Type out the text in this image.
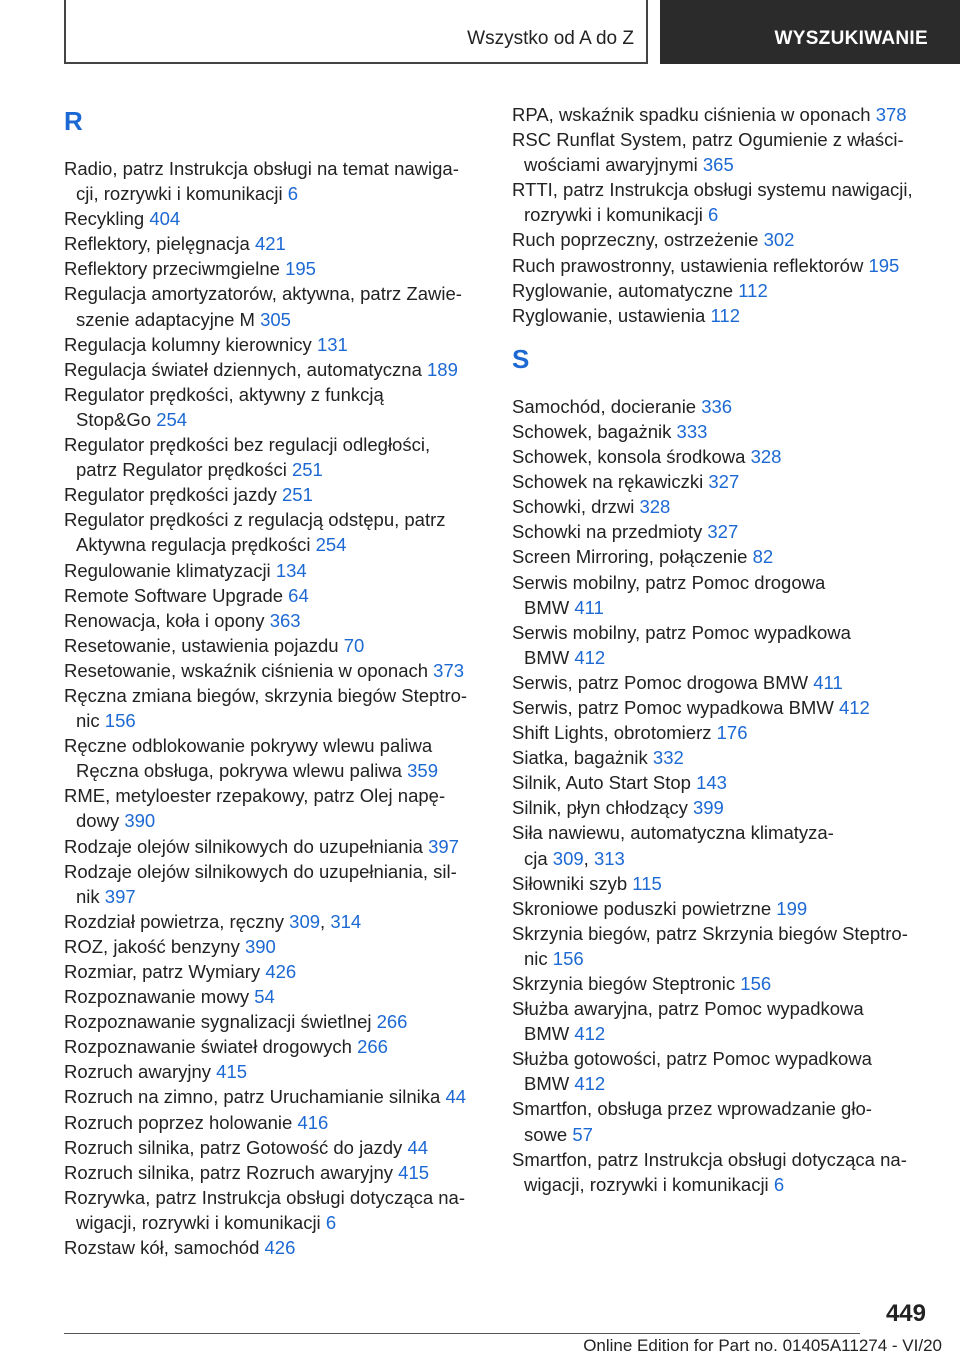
Wszystko od A do Z	WYSZUKIWANIE
R
Radio, patrz Instrukcja obsługi na temat nawiga-
cji, rozrywki i komunikacji 6
Recykling 404
Reflektory, pielęgnacja 421
Reflektory przeciwmgielne 195
Regulacja amortyzatorów, aktywna, patrz Zawie-
szenie adaptacyjne M 305
Regulacja kolumny kierownicy 131
Regulacja świateł dziennych, automatyczna 189
Regulator prędkości, aktywny z funkcją
Stop&Go 254
Regulator prędkości bez regulacji odległości,
patrz Regulator prędkości 251
Regulator prędkości jazdy 251
Regulator prędkości z regulacją odstępu, patrz
Aktywna regulacja prędkości 254
Regulowanie klimatyzacji 134
Remote Software Upgrade 64
Renowacja, koła i opony 363
Resetowanie, ustawienia pojazdu 70
Resetowanie, wskaźnik ciśnienia w oponach 373
Ręczna zmiana biegów, skrzynia biegów Steptro-
nic 156
Ręczne odblokowanie pokrywy wlewu paliwa
Ręczna obsługa, pokrywa wlewu paliwa 359
RME, metyloester rzepakowy, patrz Olej napę-
dowy 390
Rodzaje olejów silnikowych do uzupełniania 397
Rodzaje olejów silnikowych do uzupełniania, sil-
nik 397
Rozdział powietrza, ręczny 309, 314
ROZ, jakość benzyny 390
Rozmiar, patrz Wymiary 426
Rozpoznawanie mowy 54
Rozpoznawanie sygnalizacji świetlnej 266
Rozpoznawanie świateł drogowych 266
Rozruch awaryjny 415
Rozruch na zimno, patrz Uruchamianie silnika 44
Rozruch poprzez holowanie 416
Rozruch silnika, patrz Gotowość do jazdy 44
Rozruch silnika, patrz Rozruch awaryjny 415
Rozrywka, patrz Instrukcja obsługi dotycząca na-
wigacji, rozrywki i komunikacji 6
Rozstaw kół, samochód 426
RPA, wskaźnik spadku ciśnienia w oponach 378
RSC Runflat System, patrz Ogumienie z właści-
wościami awaryjnymi 365
RTTI, patrz Instrukcja obsługi systemu nawigacji,
rozrywki i komunikacji 6
Ruch poprzeczny, ostrzeżenie 302
Ruch prawostronny, ustawienia reflektorów 195
Ryglowanie, automatyczne 112
Ryglowanie, ustawienia 112
S
Samochód, docieranie 336
Schowek, bagażnik 333
Schowek, konsola środkowa 328
Schowek na rękawiczki 327
Schowki, drzwi 328
Schowki na przedmioty 327
Screen Mirroring, połączenie 82
Serwis mobilny, patrz Pomoc drogowa
BMW 411
Serwis mobilny, patrz Pomoc wypadkowa
BMW 412
Serwis, patrz Pomoc drogowa BMW 411
Serwis, patrz Pomoc wypadkowa BMW 412
Shift Lights, obrotomierz 176
Siatka, bagażnik 332
Silnik, Auto Start Stop 143
Silnik, płyn chłodzący 399
Siła nawiewu, automatyczna klimatyza-
cja 309, 313
Siłowniki szyb 115
Skroniowe poduszki powietrzne 199
Skrzynia biegów, patrz Skrzynia biegów Steptro-
nic 156
Skrzynia biegów Steptronic 156
Służba awaryjna, patrz Pomoc wypadkowa
BMW 412
Służba gotowości, patrz Pomoc wypadkowa
BMW 412
Smartfon, obsługa przez wprowadzanie gło-
sowe 57
Smartfon, patrz Instrukcja obsługi dotycząca na-
wigacji, rozrywki i komunikacji 6
449
Online Edition for Part no. 01405A11274 - VI/20
